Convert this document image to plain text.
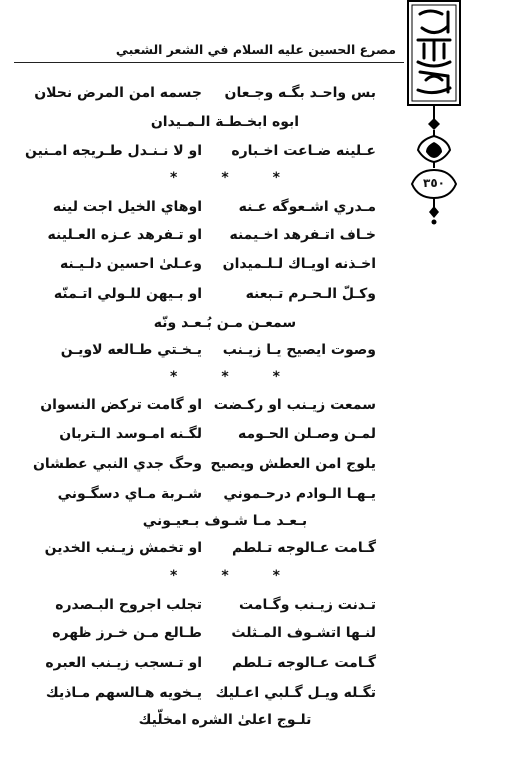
مصرع الحسين عليه السلام في الشعر الشعبي
٣٥٠
بس واحـد بگـه وجـعان
جسمه امن المرض نحلان
ابوه ابخـطـة الـمـيدان
عـلينه ضـاعت اخـباره
او لا نـنـدل طـريجه امـنين
*	*	*
مـدري اشـعوگه عـنه
اوهاي الخيل اجت لينه
خـاف اتـفرهد اخـيمنه
او تـفرهد عـزه العـلينه
اخـذنه اويـاك لـلـميدان
وعـلىٰ احسين دلـيـنه
وكـلّ الـحـرم تـبعنه
او بـيهن للـولي اتـمنّه
سمعـن مـن بُـعـد ونّه
وصوت ايصيح يـا زيـنب
يـخـتي طـالعه لاويـن
*	*	*
سمعت زيـنب او ركـضت
او گامت تركض النسوان
لمـن وصـلن الحـومه
لگـنه امـوسد الـتربان
يلوج امن العطش ويصيح
وحگ جدي النبي عطشان
يـهـا الـوادم درحـموني
شـربة مـاي دسگـوني
بـعـد مـا شـوف بـعيـوني
گـامت عـالوجه تـلطم
او تخمش زيـنب الخدين
*	*	*
تـدنت زيـنب وگـامت
تجلب اجروح البـصدره
لنـها اتشـوف المـثلث
طـالع مـن خـرز ظهره
گـامت عـالوجه تـلطم
او تـسجب زيـنب العبره
تگـله ويـل گـلبي اعـليك
يـخويه هـالسهم مـاذيك
تلـوج اعلىٰ الشره امخلّيك
